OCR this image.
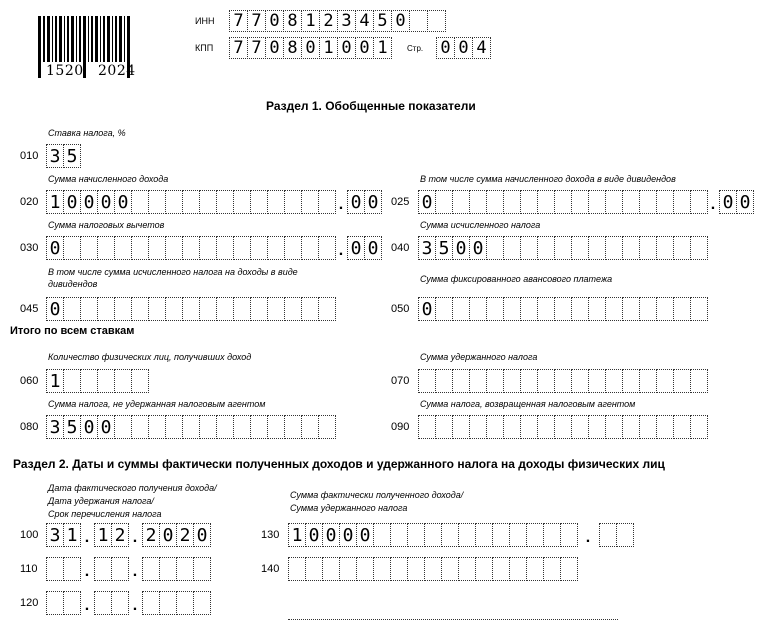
1520 2024
ИНН 7 7 0 8 1 2 3 4 5 0
КПП 7 7 0 8 0 1 0 0 1	Стр. 0 0 4
Раздел 1. Обобщенные показатели
Ставка налога, %
010 3 5
Сумма начисленного дохода
020 1 0 0 0 0	. 0 0
В том числе сумма начисленного дохода в виде дивидендов
025 0	. 0 0
Сумма налоговых вычетов
030 0	. 0 0
Сумма исчисленного налога
040 3 5 0 0
В том числе сумма исчисленного налога на доходы в виде дивидендов
045 0
Сумма фиксированного авансового платежа
050 0
Итого по всем ставкам
Количество физических лиц, получивших доход
060 1
Сумма удержанного налога
070
Сумма налога, не удержанная налоговым агентом
080 3 5 0 0
Сумма налога, возвращенная налоговым агентом
090
Раздел 2. Даты и суммы фактически полученных доходов и удержанного налога на доходы физических лиц
Дата фактического получения дохода/
Дата удержания налога/
Срок перечисления налога
Сумма фактически полученного дохода/
Сумма удержанного налога
100 3 1 . 1 2 . 2 0 2 0	130 1 0 0 0 0	.
110	.	.	140
120	.	.
